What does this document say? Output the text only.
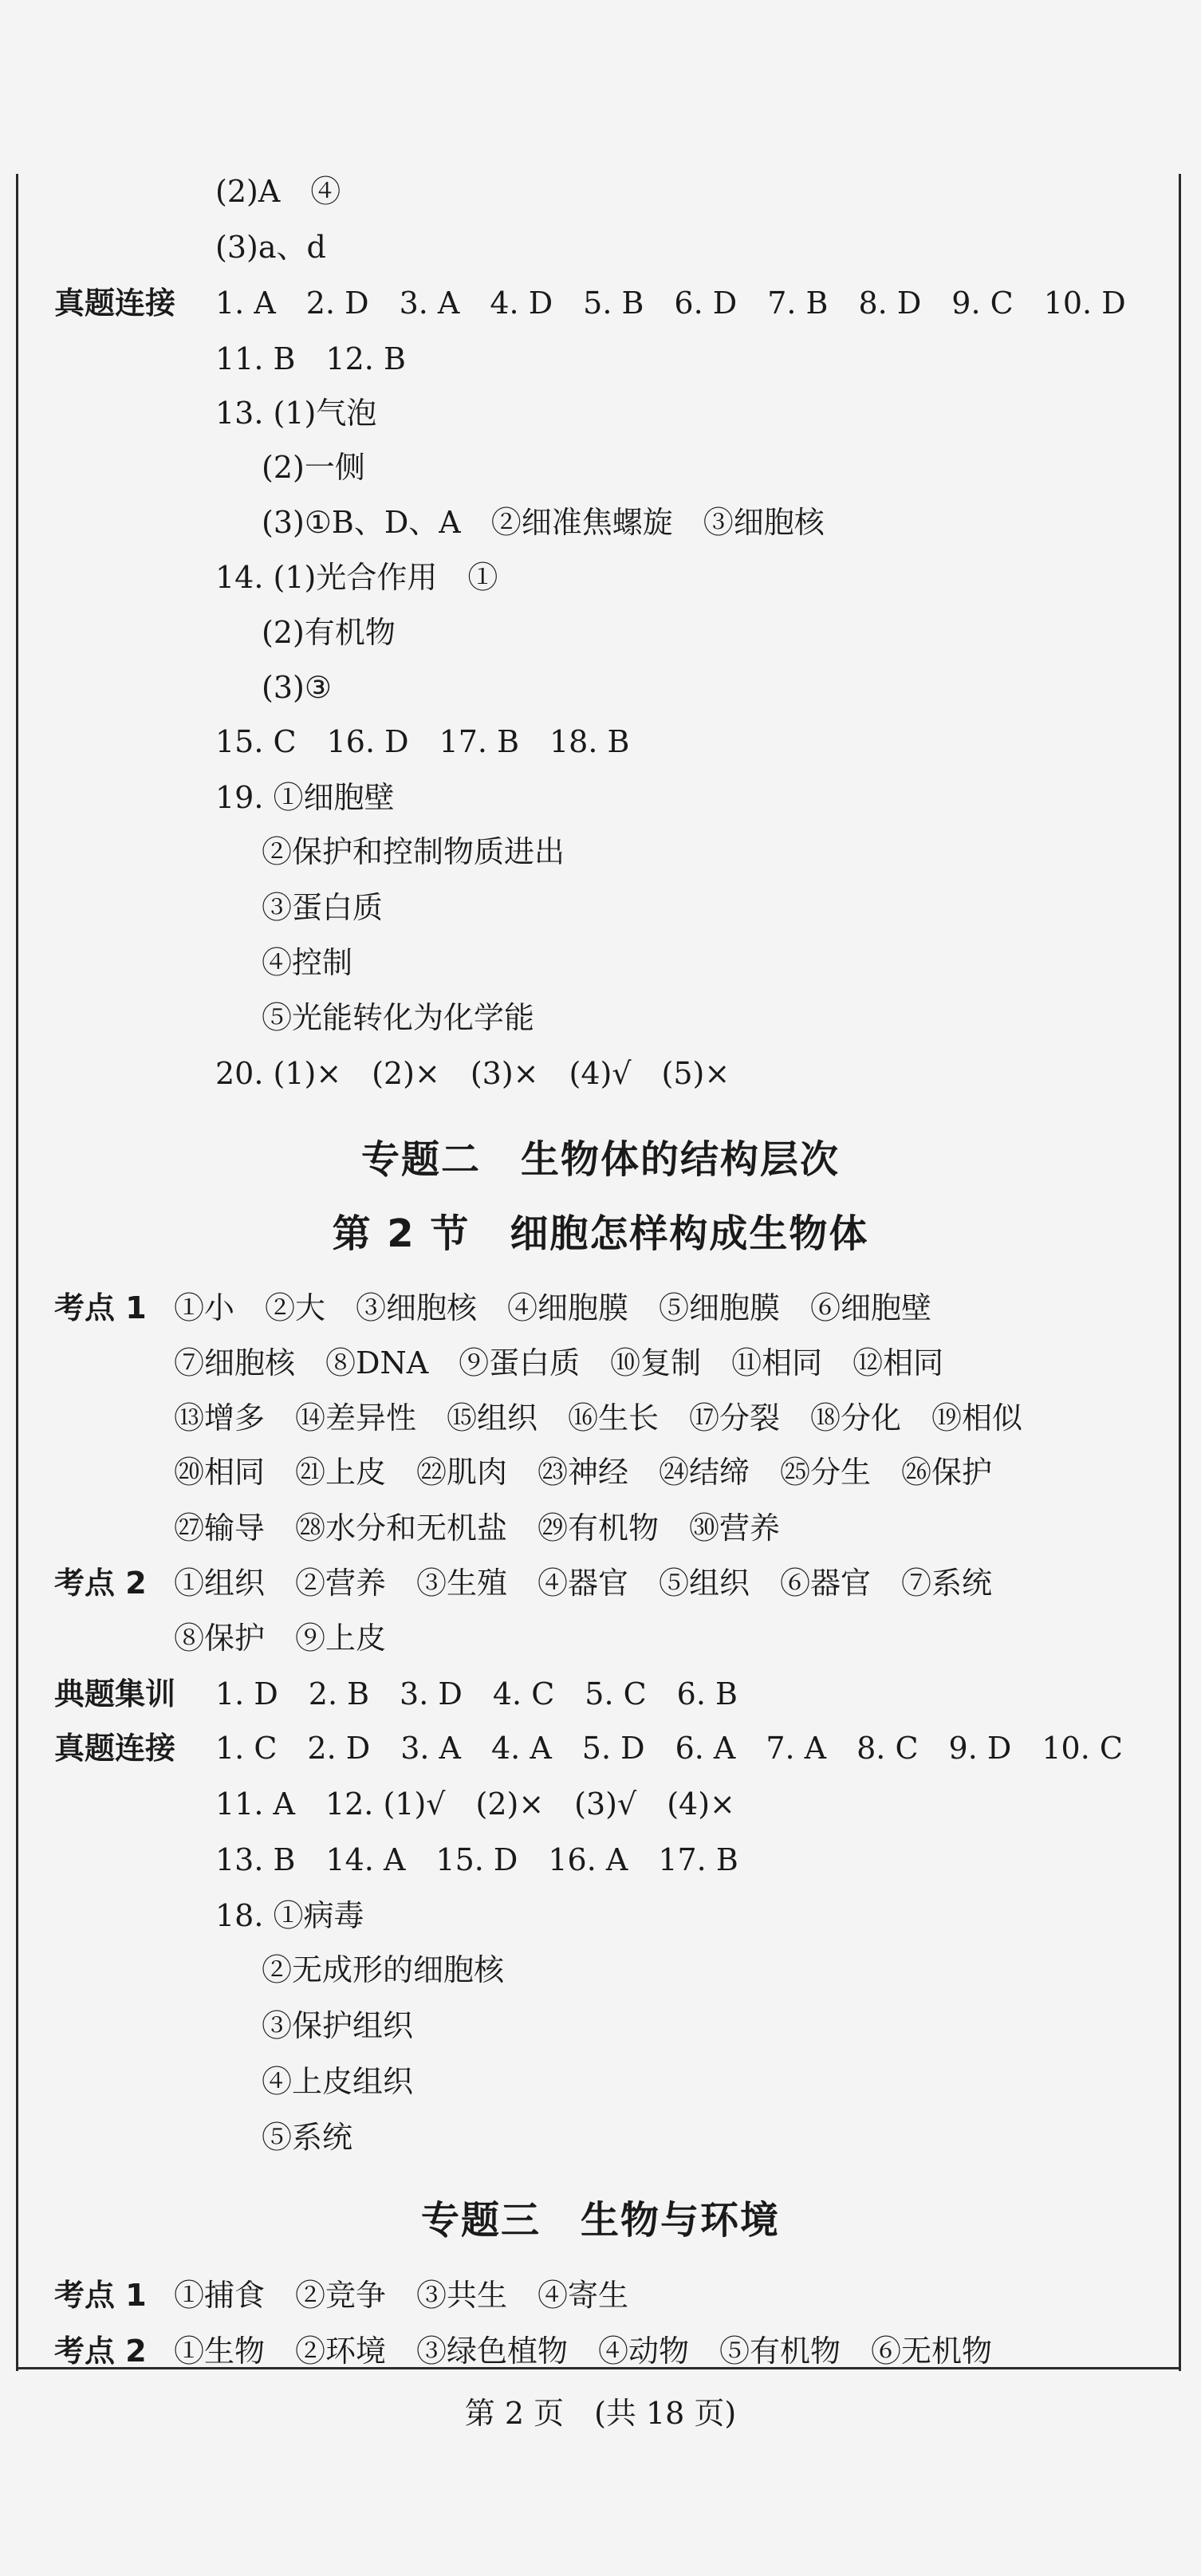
(2)A　④
(3)a、d
真题连接 1. A　2. D　3. A　4. D　5. B　6. D　7. B　8. D　9. C　10. D
11. B　12. B
13. (1)气泡
(2)一侧
(3)①B、D、A　②细准焦螺旋　③细胞核
14. (1)光合作用　①
(2)有机物
(3)③
15. C　16. D　17. B　18. B
19. ①细胞壁
②保护和控制物质进出
③蛋白质
④控制
⑤光能转化为化学能
20. (1)×　(2)×　(3)×　(4)√　(5)×
专题二　生物体的结构层次
第 2 节　细胞怎样构成生物体
考点 1 ①小　②大　③细胞核　④细胞膜　⑤细胞膜　⑥细胞壁
⑦细胞核　⑧DNA　⑨蛋白质　⑩复制　⑪相同　⑫相同
⑬增多　⑭差异性　⑮组织　⑯生长　⑰分裂　⑱分化　⑲相似
⑳相同　㉑上皮　㉒肌肉　㉓神经　㉔结缔　㉕分生　㉖保护
㉗输导　㉘水分和无机盐　㉙有机物　㉚营养
考点 2 ①组织　②营养　③生殖　④器官　⑤组织　⑥器官　⑦系统
⑧保护　⑨上皮
典题集训 1. D　2. B　3. D　4. C　5. C　6. B
真题连接 1. C　2. D　3. A　4. A　5. D　6. A　7. A　8. C　9. D　10. C
11. A　12. (1)√　(2)×　(3)√　(4)×
13. B　14. A　15. D　16. A　17. B
18. ①病毒
②无成形的细胞核
③保护组织
④上皮组织
⑤系统
专题三　生物与环境
考点 1 ①捕食　②竞争　③共生　④寄生
考点 2 ①生物　②环境　③绿色植物　④动物　⑤有机物　⑥无机物
第 2 页　(共 18 页)
